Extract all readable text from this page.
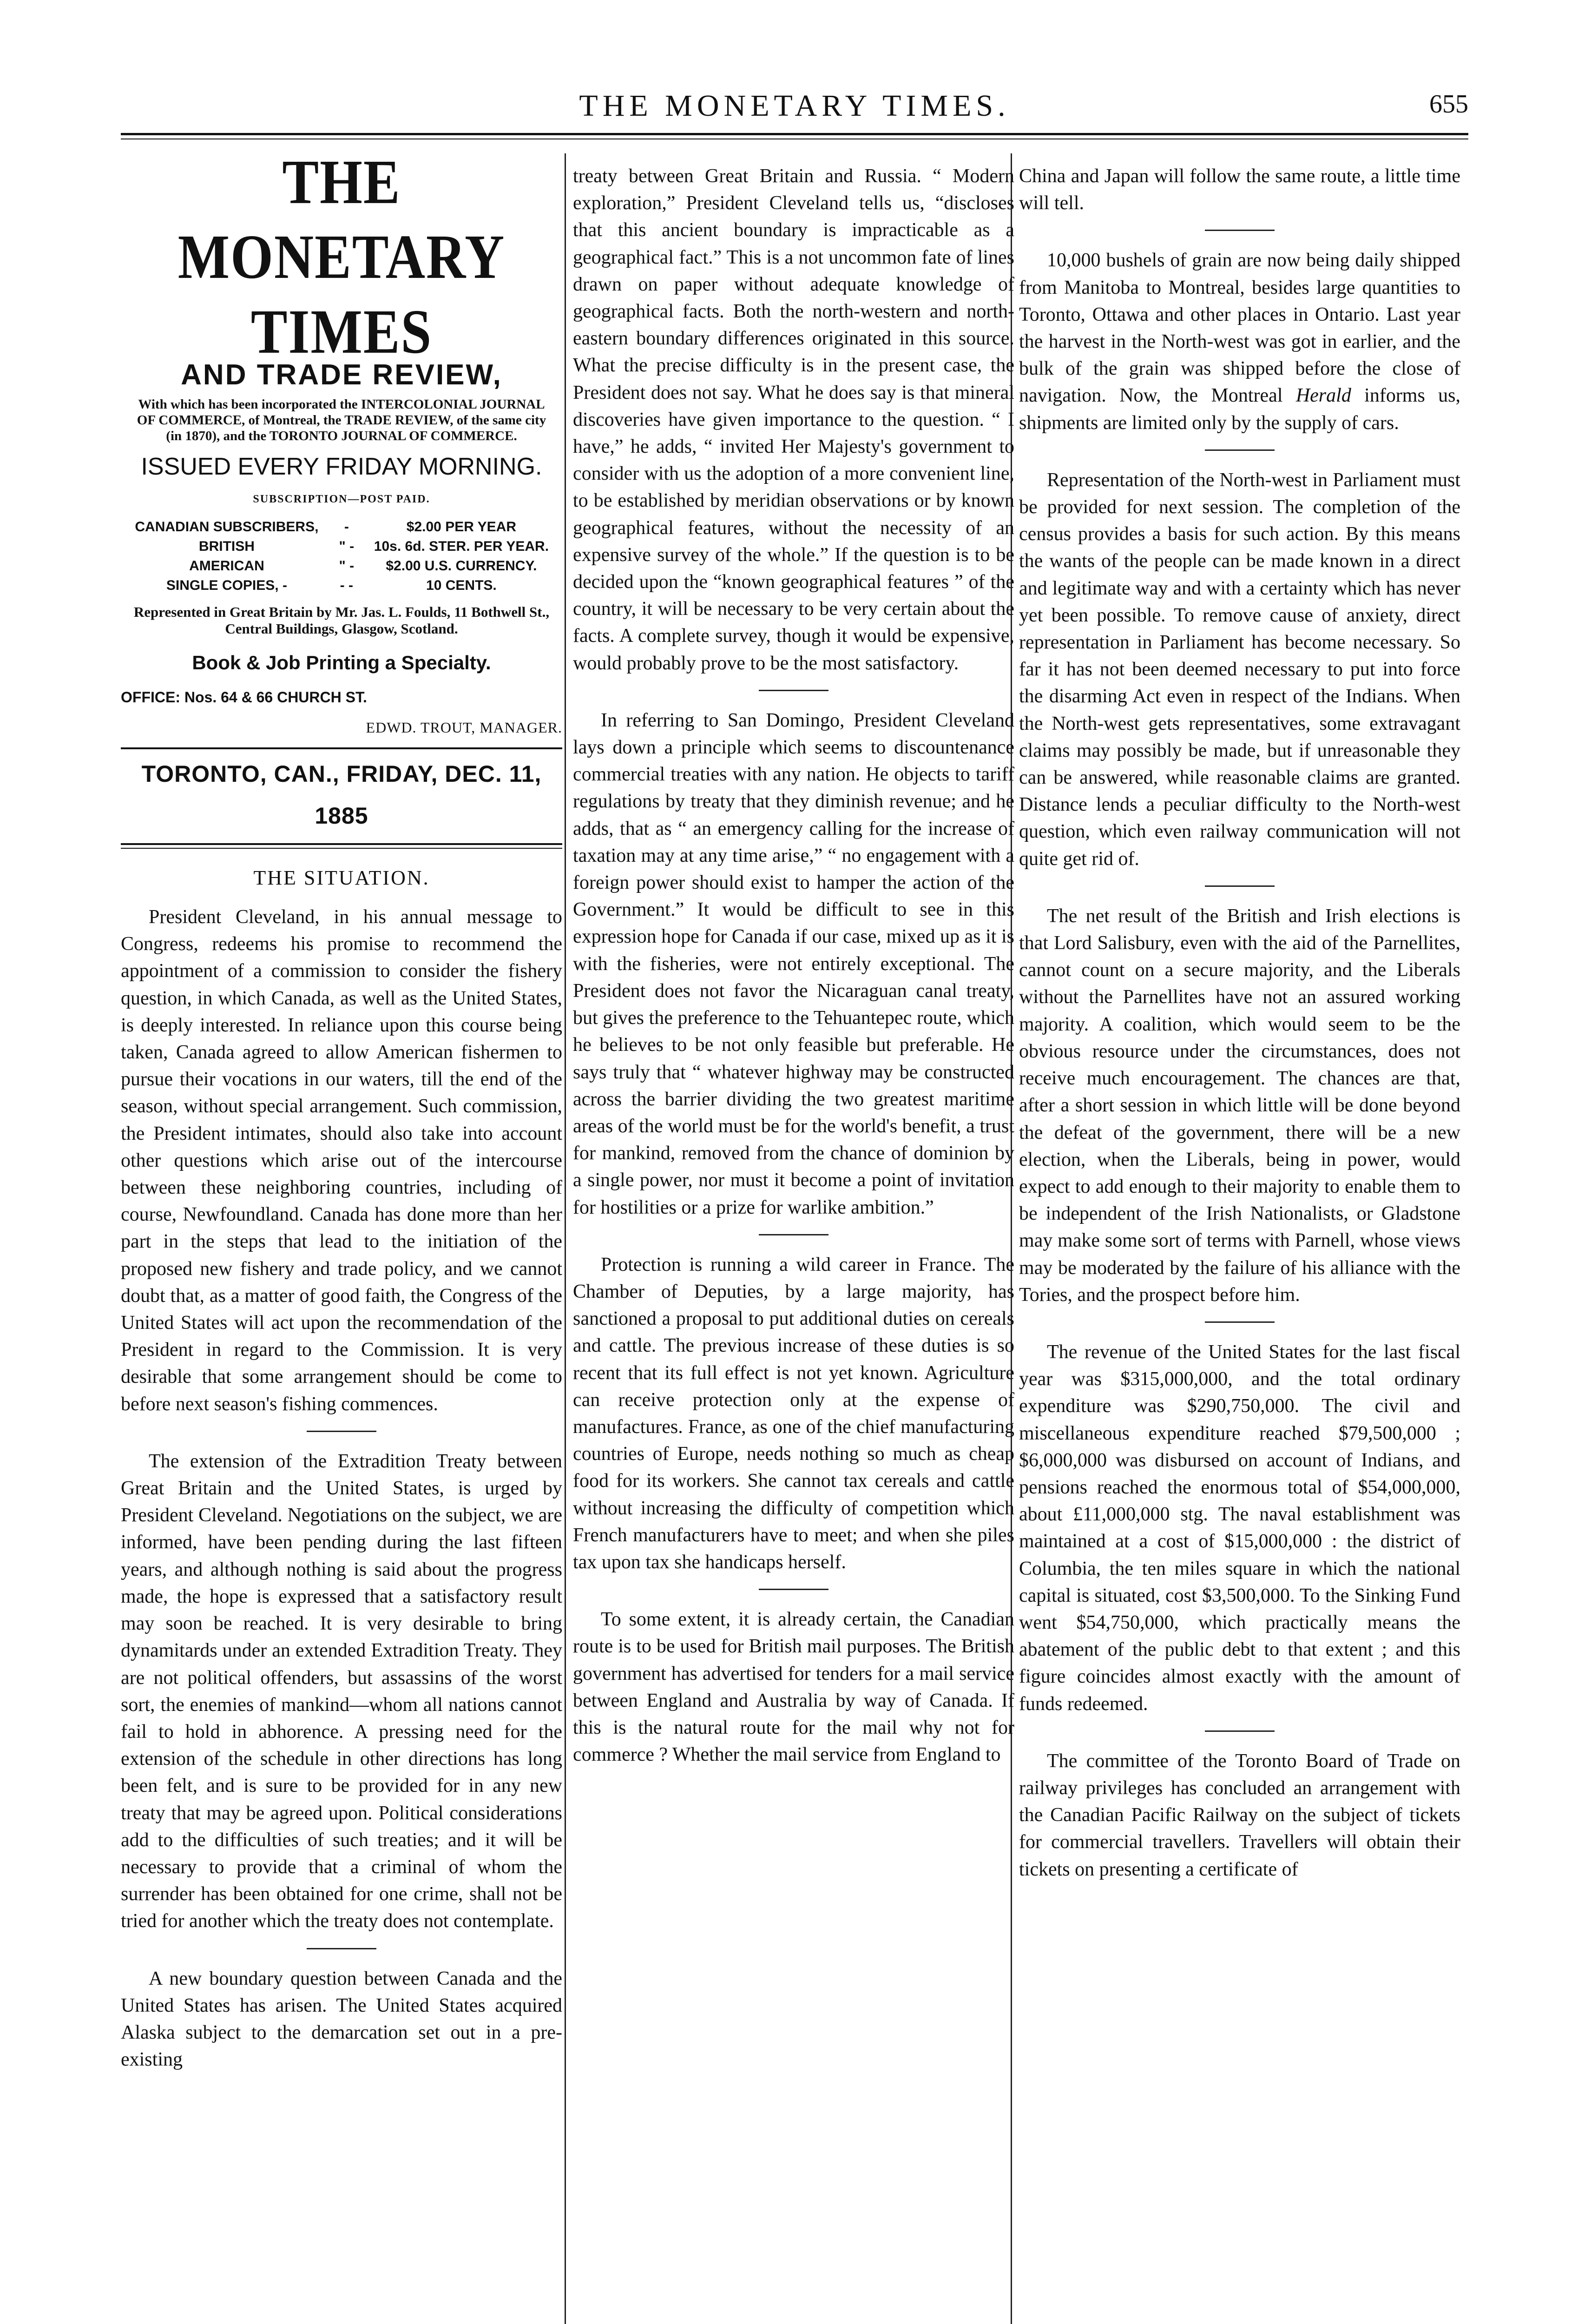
THE MONETARY TIMES.	655
THE MONETARY TIMES
AND TRADE REVIEW,
With which has been incorporated the INTERCOLONIAL JOURNAL OF COMMERCE, of Montreal, the TRADE REVIEW, of the same city (in 1870), and the TORONTO JOURNAL OF COMMERCE.
ISSUED EVERY FRIDAY MORNING.
SUBSCRIPTION—POST PAID.
CANADIAN SUBSCRIBERS,	-	$2.00 PER YEAR
BRITISH	" -	10s. 6d. STER. PER YEAR.
AMERICAN	" -	$2.00 U.S. CURRENCY.
SINGLE COPIES, -	- -	10 CENTS.
Represented in Great Britain by Mr. Jas. L. Foulds, 11 Bothwell St., Central Buildings, Glasgow, Scotland.
Book & Job Printing a Specialty.
OFFICE: Nos. 64 & 66 CHURCH ST.
EDWD. TROUT, MANAGER.
TORONTO, CAN., FRIDAY, DEC. 11, 1885
THE SITUATION.

President Cleveland, in his annual message to Congress, redeems his promise to recommend the appointment of a commission to consider the fishery question, in which Canada, as well as the United States, is deeply interested. In reliance upon this course being taken, Canada agreed to allow American fishermen to pursue their vocations in our waters, till the end of the season, without special arrangement. Such commission, the President intimates, should also take into account other questions which arise out of the intercourse between these neighboring countries, including of course, Newfoundland. Canada has done more than her part in the steps that lead to the initiation of the proposed new fishery and trade policy, and we cannot doubt that, as a matter of good faith, the Congress of the United States will act upon the recommendation of the President in regard to the Commission. It is very desirable that some arrangement should be come to before next season's fishing commences.

The extension of the Extradition Treaty between Great Britain and the United States, is urged by President Cleveland. Negotiations on the subject, we are informed, have been pending during the last fifteen years, and although nothing is said about the progress made, the hope is expressed that a satisfactory result may soon be reached. It is very desirable to bring dynamitards under an extended Extradition Treaty. They are not political offenders, but assassins of the worst sort, the enemies of mankind—whom all nations cannot fail to hold in abhorence. A pressing need for the extension of the schedule in other directions has long been felt, and is sure to be provided for in any new treaty that may be agreed upon. Political considerations add to the difficulties of such treaties; and it will be necessary to provide that a criminal of whom the surrender has been obtained for one crime, shall not be tried for another which the treaty does not contemplate.

A new boundary question between Canada and the United States has arisen. The United States acquired Alaska subject to the demarcation set out in a pre-existing

treaty between Great Britain and Russia. “ Modern exploration,” President Cleveland tells us, “discloses that this ancient boundary is impracticable as a geographical fact.” This is a not uncommon fate of lines drawn on paper without adequate knowledge of geographical facts. Both the north-western and north-eastern boundary differences originated in this source. What the precise difficulty is in the present case, the President does not say. What he does say is that mineral discoveries have given importance to the question. “ I have,” he adds, “ invited Her Majesty's government to consider with us the adoption of a more convenient line, to be established by meridian observations or by known geographical features, without the necessity of an expensive survey of the whole.” If the question is to be decided upon the “known geographical features ” of the country, it will be necessary to be very certain about the facts. A complete survey, though it would be expensive, would probably prove to be the most satisfactory.

In referring to San Domingo, President Cleveland lays down a principle which seems to discountenance commercial treaties with any nation. He objects to tariff regulations by treaty that they diminish revenue; and he adds, that as “ an emergency calling for the increase of taxation may at any time arise,” “ no engagement with a foreign power should exist to hamper the action of the Government.” It would be difficult to see in this expression hope for Canada if our case, mixed up as it is with the fisheries, were not entirely exceptional. The President does not favor the Nicaraguan canal treaty, but gives the preference to the Tehuantepec route, which he believes to be not only feasible but preferable. He says truly that “ whatever highway may be constructed across the barrier dividing the two greatest maritime areas of the world must be for the world's benefit, a trust for mankind, removed from the chance of dominion by a single power, nor must it become a point of invitation for hostilities or a prize for warlike ambition.”

Protection is running a wild career in France. The Chamber of Deputies, by a large majority, has sanctioned a proposal to put additional duties on cereals and cattle. The previous increase of these duties is so recent that its full effect is not yet known. Agriculture can receive protection only at the expense of manufactures. France, as one of the chief manufacturing countries of Europe, needs nothing so much as cheap food for its workers. She cannot tax cereals and cattle without increasing the difficulty of competition which French manufacturers have to meet; and when she piles tax upon tax she handicaps herself.

To some extent, it is already certain, the Canadian route is to be used for British mail purposes. The British government has advertised for tenders for a mail service between England and Australia by way of Canada. If this is the natural route for the mail why not for commerce ? Whether the mail service from England to

China and Japan will follow the same route, a little time will tell.

10,000 bushels of grain are now being daily shipped from Manitoba to Montreal, besides large quantities to Toronto, Ottawa and other places in Ontario. Last year the harvest in the North-west was got in earlier, and the bulk of the grain was shipped before the close of navigation. Now, the Montreal Herald informs us, shipments are limited only by the supply of cars.

Representation of the North-west in Parliament must be provided for next session. The completion of the census provides a basis for such action. By this means the wants of the people can be made known in a direct and legitimate way and with a certainty which has never yet been possible. To remove cause of anxiety, direct representation in Parliament has become necessary. So far it has not been deemed necessary to put into force the disarming Act even in respect of the Indians. When the North-west gets representatives, some extravagant claims may possibly be made, but if unreasonable they can be answered, while reasonable claims are granted. Distance lends a peculiar difficulty to the North-west question, which even railway communication will not quite get rid of.

The net result of the British and Irish elections is that Lord Salisbury, even with the aid of the Parnellites, cannot count on a secure majority, and the Liberals without the Parnellites have not an assured working majority. A coalition, which would seem to be the obvious resource under the circumstances, does not receive much encouragement. The chances are that, after a short session in which little will be done beyond the defeat of the government, there will be a new election, when the Liberals, being in power, would expect to add enough to their majority to enable them to be independent of the Irish Nationalists, or Gladstone may make some sort of terms with Parnell, whose views may be moderated by the failure of his alliance with the Tories, and the prospect before him.

The revenue of the United States for the last fiscal year was $315,000,000, and the total ordinary expenditure was $290,750,000. The civil and miscellaneous expenditure reached $79,500,000 ; $6,000,000 was disbursed on account of Indians, and pensions reached the enormous total of $54,000,000, about £11,000,000 stg. The naval establishment was maintained at a cost of $15,000,000 : the district of Columbia, the ten miles square in which the national capital is situated, cost $3,500,000. To the Sinking Fund went $54,750,000, which practically means the abatement of the public debt to that extent ; and this figure coincides almost exactly with the amount of funds redeemed.

The committee of the Toronto Board of Trade on railway privileges has concluded an arrangement with the Canadian Pacific Railway on the subject of tickets for commercial travellers. Travellers will obtain their tickets on presenting a certificate of
